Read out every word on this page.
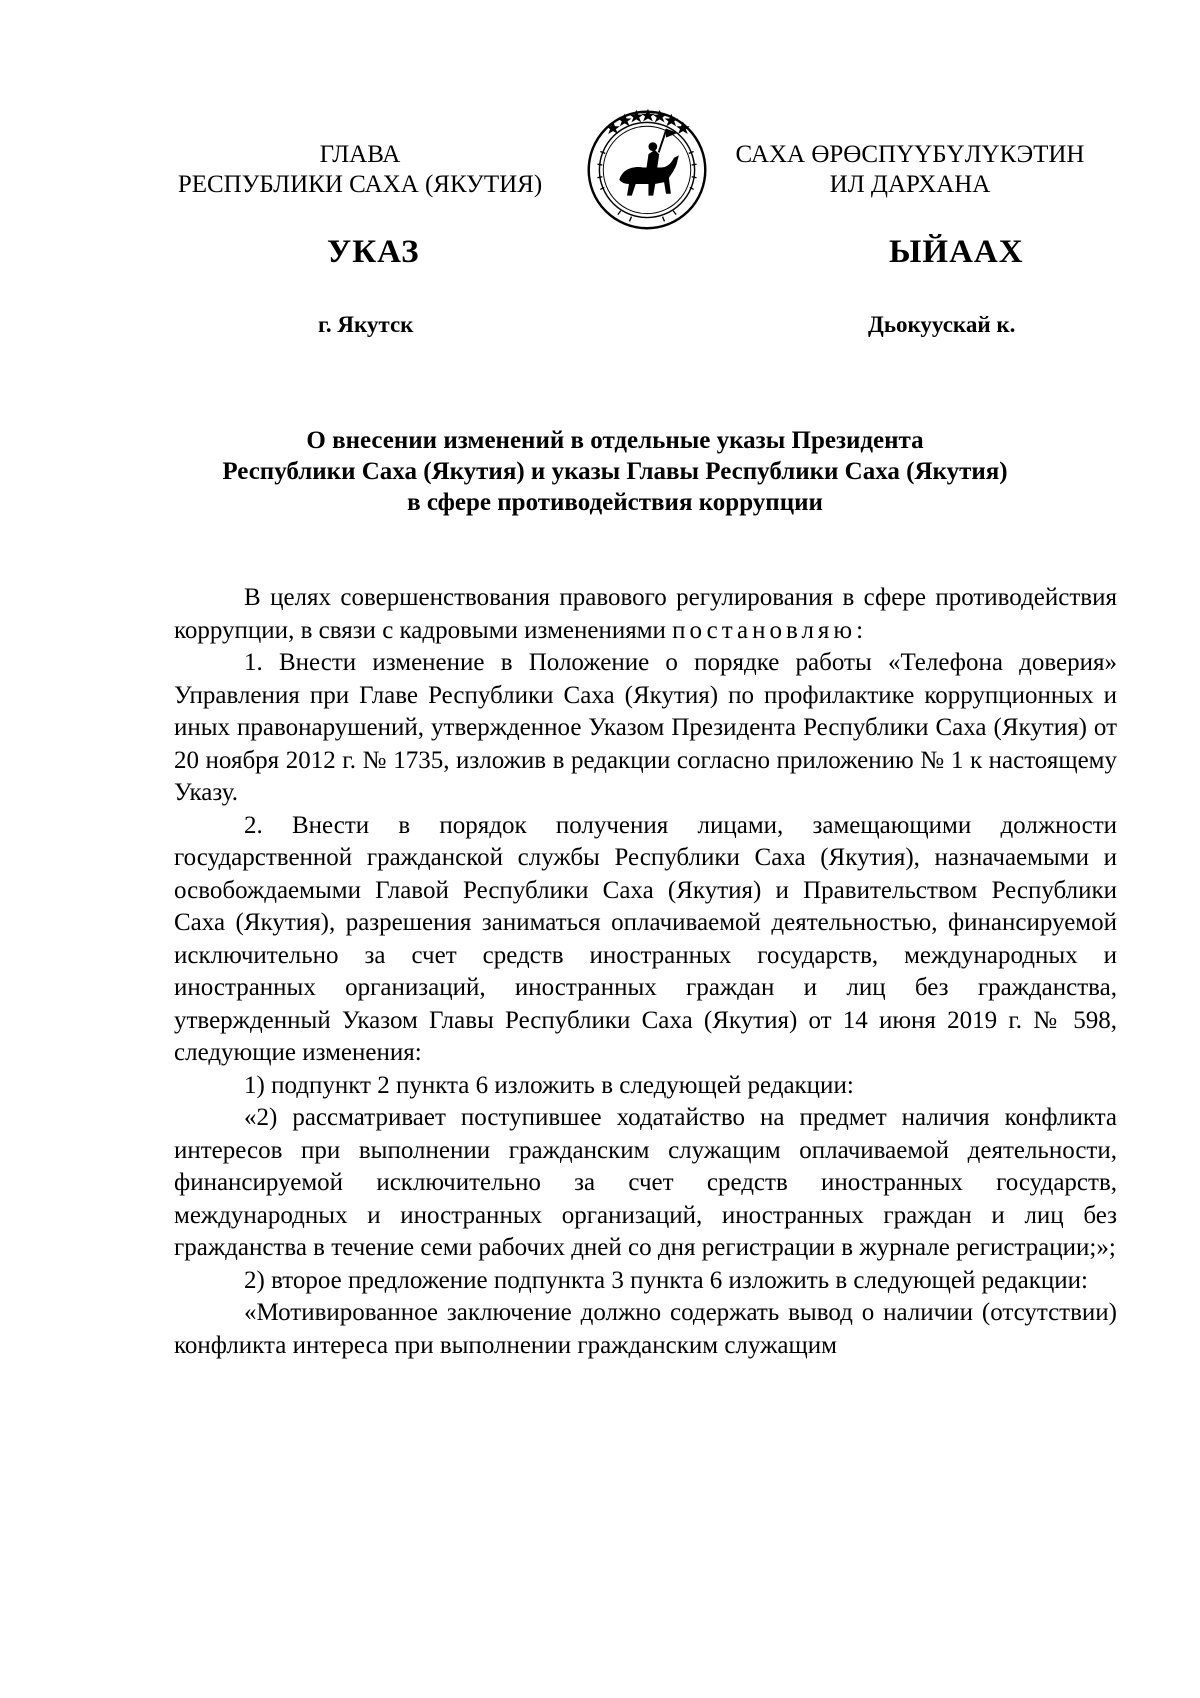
ГЛАВА
РЕСПУБЛИКИ САХА (ЯКУТИЯ)
САХА ӨРӨСПҮҮБҮЛҮКЭТИН
ИЛ ДАРХАНА
УКАЗ	ЫЙААХ
г. Якутск	Дьокуускай к.
О внесении изменений в отдельные указы Президента
Республики Саха (Якутия) и указы Главы Республики Саха (Якутия)
в сфере противодействия коррупции

В целях совершенствования правового регулирования в сфере противодействия коррупции, в связи с кадровыми изменениями постановляю:

1. Внести изменение в Положение о порядке работы «Телефона доверия» Управления при Главе Республики Саха (Якутия) по профилактике коррупционных и иных правонарушений, утвержденное Указом Президента Республики Саха (Якутия) от 20 ноября 2012 г. № 1735, изложив в редакции согласно приложению № 1 к настоящему Указу.

2. Внести в порядок получения лицами, замещающими должности государственной гражданской службы Республики Саха (Якутия), назначаемыми и освобождаемыми Главой Республики Саха (Якутия) и Правительством Республики Саха (Якутия), разрешения заниматься оплачиваемой деятельностью, финансируемой исключительно за счет средств иностранных государств, международных и иностранных организаций, иностранных граждан и лиц без гражданства, утвержденный Указом Главы Республики Саха (Якутия) от 14 июня 2019 г. № 598, следующие изменения:

1) подпункт 2 пункта 6 изложить в следующей редакции:

«2) рассматривает поступившее ходатайство на предмет наличия конфликта интересов при выполнении гражданским служащим оплачиваемой деятельности, финансируемой исключительно за счет средств иностранных государств, международных и иностранных организаций, иностранных граждан и лиц без гражданства в течение семи рабочих дней со дня регистрации в журнале регистрации;»;

2) второе предложение подпункта 3 пункта 6 изложить в следующей редакции:

«Мотивированное заключение должно содержать вывод о наличии (отсутствии) конфликта интереса при выполнении гражданским служащим
